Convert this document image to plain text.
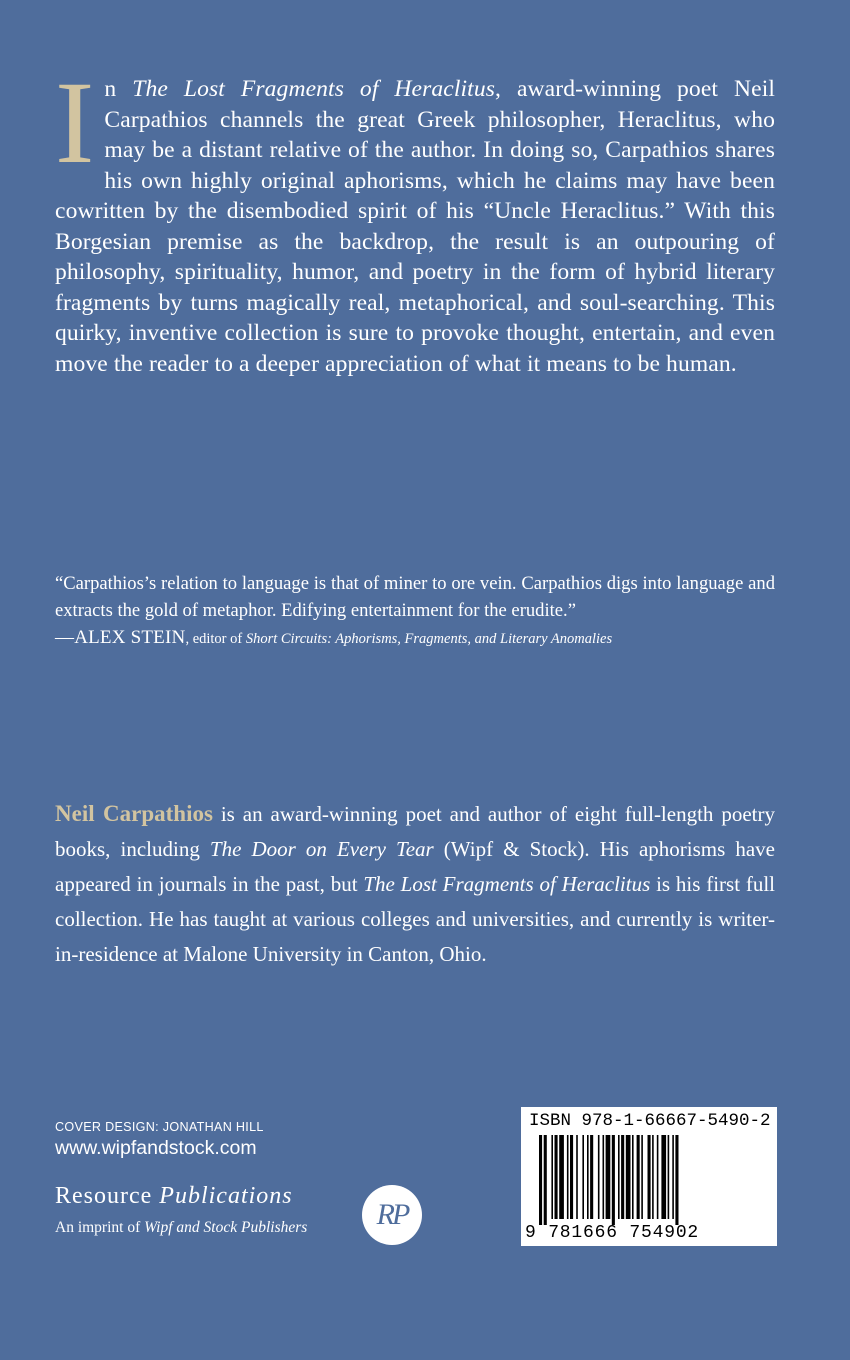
In The Lost Fragments of Heraclitus, award-winning poet Neil Carpathios channels the great Greek philosopher, Heraclitus, who may be a distant relative of the author. In doing so, Carpathios shares his own highly original aphorisms, which he claims may have been cowritten by the disembodied spirit of his “Uncle Heraclitus.” With this Borgesian premise as the backdrop, the result is an outpouring of philosophy, spirituality, humor, and poetry in the form of hybrid literary fragments by turns magically real, metaphorical, and soul-searching. This quirky, inventive collection is sure to provoke thought, entertain, and even move the reader to a deeper appreciation of what it means to be human.
“Carpathios’s relation to language is that of miner to ore vein. Carpathios digs into language and extracts the gold of metaphor. Edifying entertainment for the erudite.”
—ALEX STEIN, editor of Short Circuits: Aphorisms, Fragments, and Literary Anomalies
Neil Carpathios is an award-winning poet and author of eight full-length poetry books, including The Door on Every Tear (Wipf & Stock). His aphorisms have appeared in journals in the past, but The Lost Fragments of Heraclitus is his first full collection. He has taught at various colleges and universities, and currently is writer-in-residence at Malone University in Canton, Ohio.
COVER DESIGN: JONATHAN HILL
www.wipfandstock.com
Resource Publications
An imprint of Wipf and Stock Publishers	RP
ISBN 978-1-66667-5490-2
9 781666 754902
